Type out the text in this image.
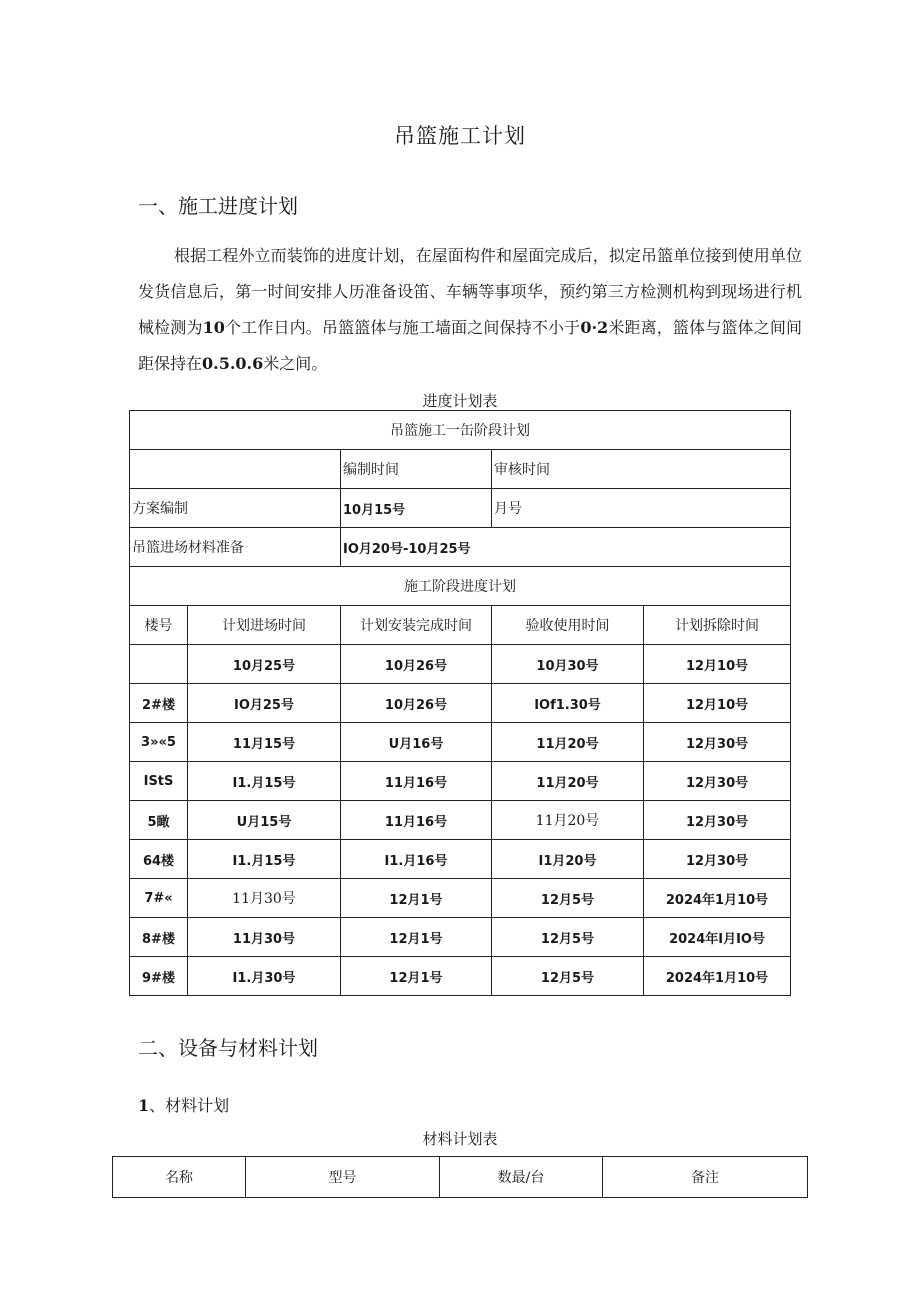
吊篮施工计划
一、施工进度计划
根据工程外立而装饰的进度计划，在屋面构件和屋面完成后，拟定吊篮单位接到使用单位发货信息后，第一时间安排人历准备设笛、车辆等事项华，预约第三方检测机构到现场进行机械检测为10个工作日内。吊篮篮体与施工墙面之间保持不小于0·2米距离，篮体与篮体之间间距保持在0.5.0.6米之间。
进度计划表
吊篮施工一缶阶段计划				
		编制时间	审核时间	
方案编制		10月15号	月号	
吊篮进场材料准备		IO月20号-10月25号		
施工阶段进度计划				
楼号	计划进场时间	计划安装完成时间	验收使用时间	计划拆除时间
	10月25号	10月26号	10月30号	12月10号
2#楼	IO月25号	10月26号	IOf1.30号	12月10号
3»«5	11月15号	U月16号	11月20号	12月30号
IStS	I1.月15号	11月16号	11月20号	12月30号
5瞰	U月15号	11月16号	11月20号	12月30号
64楼	I1.月15号	I1.月16号	I1月20号	12月30号
7#«	11月30号	12月1号	12月5号	2024年1月10号
8#楼	11月30号	12月1号	12月5号	2024年I月IO号
9#楼	I1.月30号	12月1号	12月5号	2024年1月10号
二、设备与材料计划
1、材料计划
材料计划表
名称	型号	数最/台	备注
